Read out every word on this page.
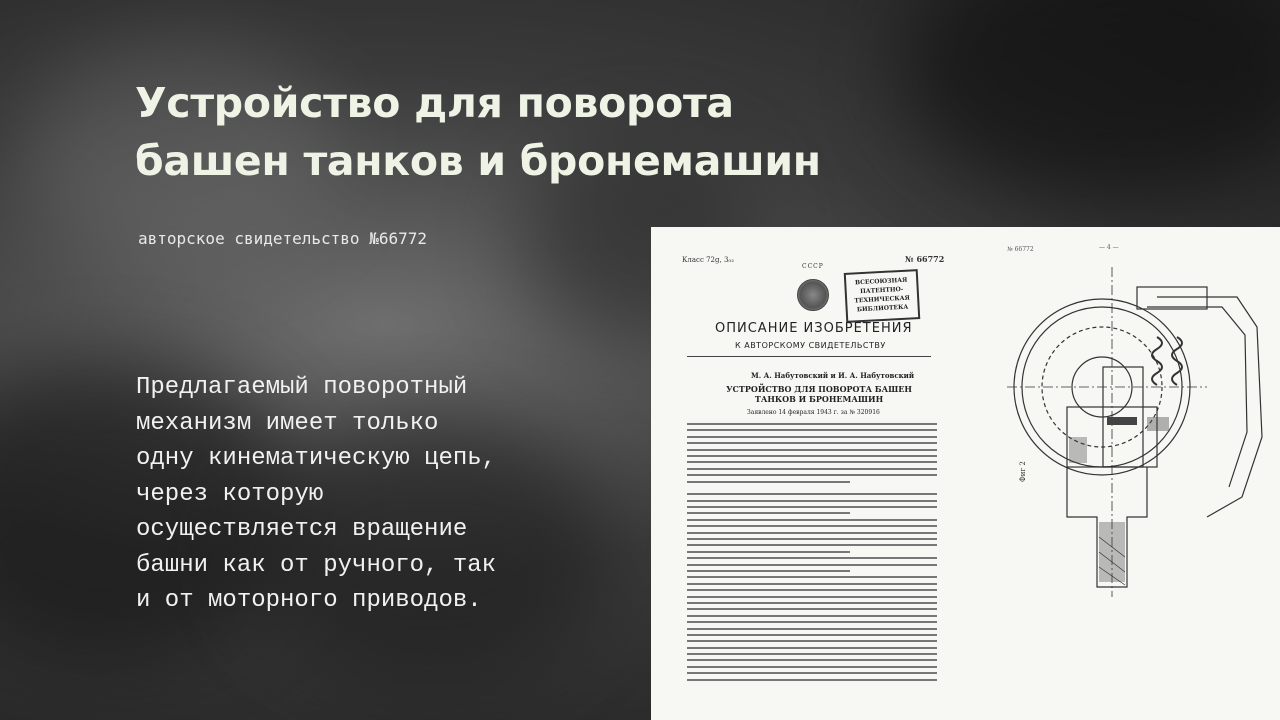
Устройство для поворота башен танков и бронемашин

авторское свидетельство №66772

Предлагаемый поворотный
механизм имеет только
одну кинематическую цепь,
через которую
осуществляется вращение
башни как от ручного, так
и от моторного приводов.

Класс 72g, 3₀₂	№ 66772

№ 66772	— 4 —

СССР

ВСЕСОЮЗНАЯ ПАТЕНТНО-ТЕХНИЧЕСКАЯ БИБЛИОТЕКА

ОПИСАНИЕ ИЗОБРЕТЕНИЯ

К АВТОРСКОМУ СВИДЕТЕЛЬСТВУ

М. А. Набутовский и И. А. Набутовский

УСТРОЙСТВО ДЛЯ ПОВОРОТА БАШЕН ТАНКОВ И БРОНЕМАШИН

Заявлено 14 февраля 1943 г. за № 320916

Фиг 2
